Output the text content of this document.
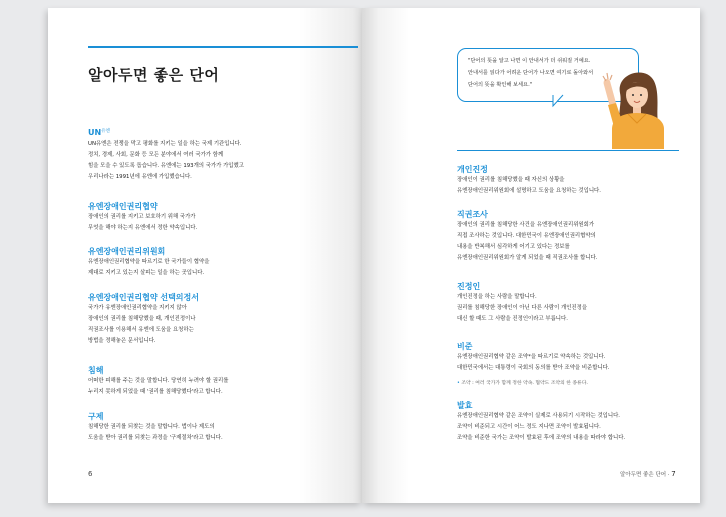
알아두면 좋은 단어

$UN^{유엔}$

UN유엔은 전쟁을 막고 평화를 지키는 일을 하는 국제 기관입니다.
정치, 경제, 사회, 문화 등 모든 분야에서 여러 국가가 함께
힘을 모을 수 있도록 돕습니다. 유엔에는 193개의 국가가 가입했고
우리나라는 1991년에 유엔에 가입했습니다.

유엔장애인권리협약

장애인의 권리를 지키고 보호하기 위해 국가가
무엇을 해야 하는지 유엔에서 정한 약속입니다.

유엔장애인권리위원회

유엔장애인권리협약을 따르기로 한 국가들이 협약을
제대로 지키고 있는지 살피는 일을 하는 곳입니다.

유엔장애인권리협약 선택의정서

국가가 유엔장애인권리협약을 지키지 않아
장애인의 권리를 침해당했을 때, 개인진정이나
직권조사를 이용해서 유엔에 도움을 요청하는
방법을 정해놓은 문서입니다.

침해

어떠한 피해를 주는 것을 말합니다. 당연히 누려야 할 권리를
누리지 못하게 되었을 때 '권리를 침해당했다'라고 합니다.

구제

침해당한 권리를 되찾는 것을 말합니다. 법이나 제도의
도움을 받아 권리를 되찾는 과정을 '구제절차'라고 합니다.

6

"단어의 뜻을 알고 나면 이 안내서가 더 쉬워질 거예요.
안내서를 읽다가 어려운 단어가 나오면 여기로 돌아와서
단어의 뜻을 확인해 보세요."

개인진정

장애인이 권리를 침해당했을 때 자신의 상황을
유엔장애인권리위원회에 설명하고 도움을 요청하는 것입니다.

직권조사

장애인의 권리를 침해당한 사건을 유엔장애인권리위원회가
직접 조사하는 것입니다. 대한민국이 유엔장애인권리협약의
내용을 반복해서 심각하게 어기고 있다는 정보를
유엔장애인권리위원회가 알게 되었을 때 직권조사를 합니다.

진정인

개인진정을 하는 사람을 말합니다.
권리를 침해당한 장애인이 아닌 다른 사람이 개인진정을
대신 할 때도 그 사람을 진정인이라고 부릅니다.

비준

유엔장애인권리협약 같은 조약*을 따르기로 약속하는 것입니다.
대한민국에서는 대통령이 국회의 동의를 받아 조약을 비준합니다.

• 조약 : 여러 국가가 함께 정한 약속. 협약도 조약의 한 종류다.

발효

유엔장애인권리협약 같은 조약이 실제로 사용되기 시작하는 것입니다.
조약이 비준되고 시간이 어느 정도 지나면 조약이 발효됩니다.
조약을 비준한 국가는 조약이 발효된 후에 조약의 내용을 따라야 합니다.

알아두면 좋은 단어 · 7
